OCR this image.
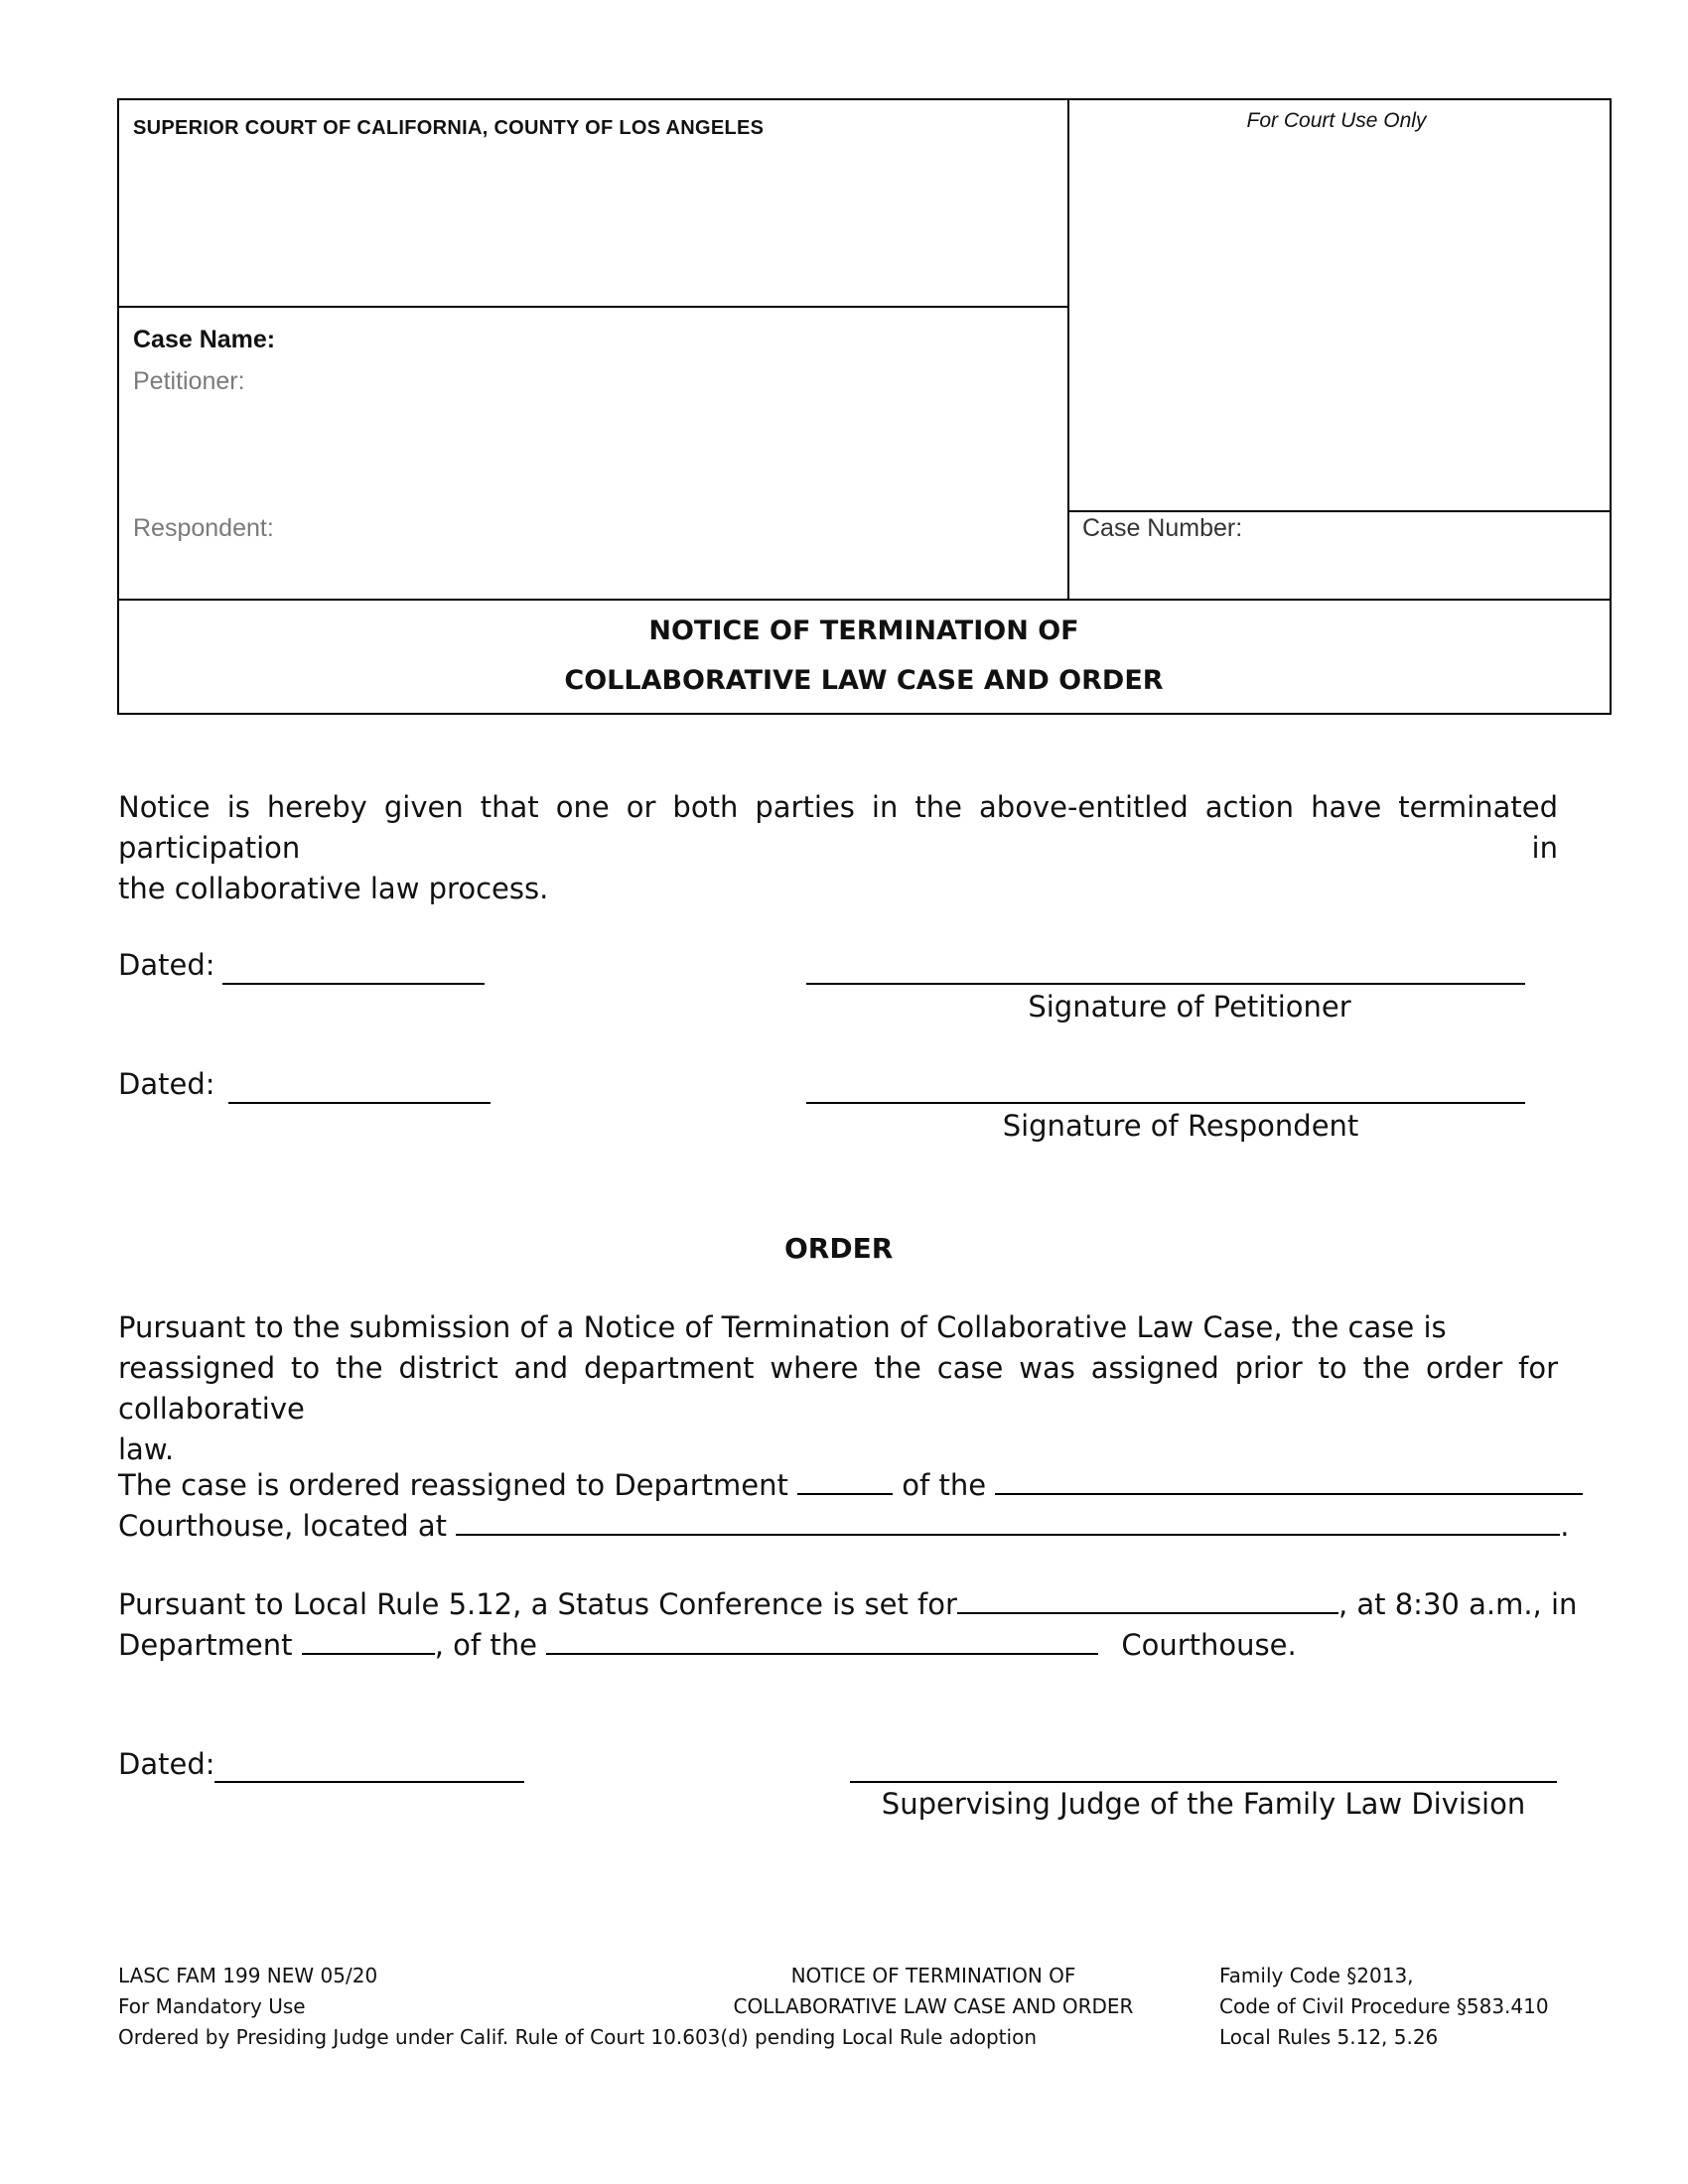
SUPERIOR COURT OF CALIFORNIA, COUNTY OF LOS ANGELES	For Court Use Only
Case Name:
Petitioner:
Respondent:	Case Number:
NOTICE OF TERMINATION OF
COLLABORATIVE LAW CASE AND ORDER
Notice is hereby given that one or both parties in the above-entitled action have terminated participation in
the collaborative law process.
Dated:
Signature of Petitioner
Dated:
Signature of Respondent
ORDER
Pursuant to the submission of a Notice of Termination of Collaborative Law Case, the case is
reassigned to the district and department where the case was assigned prior to the order for collaborative
law.
The case is ordered reassigned to Department	of the
Courthouse, located at	.
Pursuant to Local Rule 5.12, a Status Conference is set for	, at 8:30 a.m., in
Department	, of the	Courthouse.
Dated:
Supervising Judge of the Family Law Division
LASC FAM 199 NEW 05/20
For Mandatory Use
Ordered by Presiding Judge under Calif. Rule of Court 10.603(d) pending Local Rule adoption
NOTICE OF TERMINATION OF
COLLABORATIVE LAW CASE AND ORDER
Family Code §2013,
Code of Civil Procedure §583.410
Local Rules 5.12, 5.26
